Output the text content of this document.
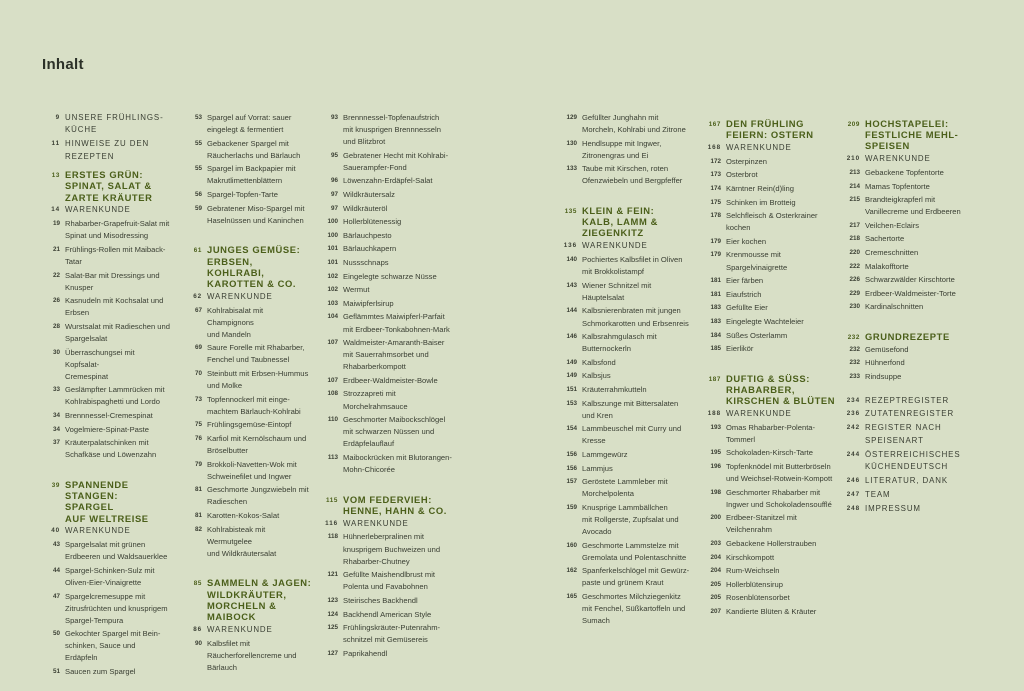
Inhalt
9 UNSERE FRÜHLINGS-
KÜCHE
11 HINWEISE ZU DEN
REZEPTEN
13 ERSTES GRÜN:
SPINAT, SALAT &
ZARTE KRÄUTER
14 WARENKUNDE
19 Rhabarber-Grapefruit-Salat mit
Spinat und Misodressing
21 Frühlings-Rollen mit Maiback-
Tatar
22 Salat-Bar mit Dressings und
Knusper
26 Kasnudeln mit Kochsalat und
Erbsen
28 Wurstsalat mit Radieschen und
Spargelsalat
30 Überraschungsei mit Kopfsalat-
Cremespinat
33 Geslämpfter Lammrücken mit
Kohlrabispaghetti und Lordo
34 Brennnessel-Cremespinat
34 Vogelmiere-Spinat-Paste
37 Kräuterpalatschinken mit
Schafkäse und Löwenzahn
39 SPANNENDE
STANGEN: SPARGEL
AUF WELTREISE
40 WARENKUNDE
43 Spargelsalat mit grünen
Erdbeeren und Waldsauerklee
44 Spargel-Schinken-Sulz mit
Oliven-Eier-Vinaigrette
47 Spargelcremesuppe mit
Zitrusfrüchten und knusprigem
Spargel-Tempura
50 Gekochter Spargel mit Bein-
schinken, Sauce und Erdäpfeln
51 Saucen zum Spargel
53 Spargel auf Vorrat: sauer
eingelegt & fermentiert
55 Gebackener Spargel mit
Räucherlachs und Bärlauch
55 Spargel im Backpapier mit
Makrutlimettenblättern
56 Spargel-Topfen-Tarte
59 Gebratener Miso-Spargel mit
Haselnüssen und Kaninchen
61 JUNGES GEMÜSE:
ERBSEN, KOHLRABI,
KAROTTEN & CO.
62 WARENKUNDE
67 Kohlrabisalat mit Champignons
und Mandeln
69 Saure Forelle mit Rhabarber,
Fenchel und Taubnessel
70 Steinbutt mit Erbsen-Hummus
und Molke
73 Topfennockerl mit einge-
machtem Bärlauch-Kohlrabi
75 Frühlingsgemüse-Eintopf
76 Karfiol mit Kernölschaum und
Bröselbutter
79 Brokkoli-Navetten-Wok mit
Schweinefilet und Ingwer
81 Geschmorte Jungzwiebeln mit
Radieschen
81 Karotten-Kokos-Salat
82 Kohlrabisteak mit Wermutgelee
und Wildkräutersalat
85 SAMMELN & JAGEN:
WILDKRÄUTER,
MORCHELN &
MAIBOCK
86 WARENKUNDE
90 Kalbsfilet mit
Räucherforellencreme und
Bärlauch
93 Brennnessel-Topfenaufstrich
mit knusprigen Brennnesseln
und Blitzbrot
95 Gebratener Hecht mit Kohlrabi-
Sauerampfer-Fond
96 Löwenzahn-Erdäpfel-Salat
97 Wildkräutersalz
97 Wildkräuteröl
100 Hollerblütenessig
100 Bärlauchpesto
101 Bärlauchkapern
101 Nussschnaps
102 Eingelegte schwarze Nüsse
102 Wermut
103 Maiwipferlsirup
104 Geflämmtes Maiwipferl-Parfait
mit Erdbeer-Tonkabohnen-Mark
107 Waldmeister-Amaranth-Baiser
mit Sauerrahmsorbet und
Rhabarberkompott
107 Erdbeer-Waldmeister-Bowle
108 Strozzapreti mit
Morchelrahmsauce
110 Geschmorter Maibockschlögel
mit schwarzen Nüssen und
Erdäpfelauflauf
113 Maibockrücken mit Blutorangen-
Mohn-Chicorée
115 VOM FEDERVIEH:
HENNE, HAHN & CO.
116 WARENKUNDE
118 Hühnerleberpralinen mit
knusprigem Buchweizen und
Rhabarber-Chutney
121 Gefüllte Maishendlbrust mit
Polenta und Favabohnen
123 Steirisches Backhendl
124 Backhendl American Style
125 Frühlingskräuter-Putenrahm-
schnitzel mit Gemüsereis
127 Paprikahendl
129 Gefüllter Junghahn mit
Morcheln, Kohlrabi und Zitrone
130 Hendlsuppe mit Ingwer,
Zitronengras und Ei
133 Taube mit Kirschen, roten
Ofenzwiebeln und Bergpfeffer
135 KLEIN & FEIN:
KALB, LAMM &
ZIEGENKITZ
136 WARENKUNDE
140 Pochiertes Kalbsfilet in Oliven
mit Brokkolistampf
143 Wiener Schnitzel mit
Häuptelsalat
144 Kalbsnierenbraten mit jungen
Schmorkarotten und Erbsenreis
146 Kalbsrahmgulasch mit
Butternockerln
149 Kalbsfond
149 Kalbsjus
151 Kräuterrahmkutteln
153 Kalbszunge mit Bittersalaten
und Kren
154 Lammbeuschel mit Curry und
Kresse
156 Lammgewürz
156 Lammjus
157 Geröstete Lammleber mit
Morchelpolenta
159 Knusprige Lammbällchen
mit Rollgerste, Zupfsalat und
Avocado
160 Geschmorte Lammstelze mit
Gremolata und Polentaschnitte
162 Spanferkelschlögel mit Gewürz-
paste und grünem Kraut
165 Geschmortes Milchziegenkitz
mit Fenchel, Süßkartoffeln und
Sumach
167 DEN FRÜHLING
FEIERN: OSTERN
168 WARENKUNDE
172 Osterpinzen
173 Osterbrot
174 Kärntner Rein(d)ling
175 Schinken im Brotteig
178 Selchfleisch & Osterkrainer
kochen
179 Eier kochen
179 Krenmousse mit
Spargelvinaigrette
181 Eier färben
181 Eiaufstrich
183 Gefüllte Eier
183 Eingelegte Wachteleier
184 Süßes Osterlamm
185 Eierlikör
187 DUFTIG & SÜSS:
RHABARBER,
KIRSCHEN & BLÜTEN
188 WARENKUNDE
193 Omas Rhabarber-Polenta-
Tommerl
195 Schokoladen-Kirsch-Tarte
196 Topfenknödel mit Butterbröseln
und Weichsel-Rotwein-Kompott
198 Geschmorter Rhabarber mit
Ingwer und Schokoladensoufflé
200 Erdbeer-Stanitzel mit
Veilchenrahm
203 Gebackene Hollerstrauben
204 Kirschkompott
204 Rum-Weichseln
205 Hollerblütensirup
205 Rosenblütensorbet
207 Kandierte Blüten & Kräuter
209 HOCHSTAPELEI:
FESTLICHE MEHL-
SPEISEN
210 WARENKUNDE
213 Gebackene Topfentorte
214 Mamas Topfentorte
215 Brandteigkrapferl mit
Vanillecreme und Erdbeeren
217 Veilchen-Eclairs
218 Sachertorte
220 Cremeschnitten
222 Malakofftorte
226 Schwarzwälder Kirschtorte
229 Erdbeer-Waldmeister-Torte
230 Kardinalschnitten
232 GRUNDREZEPTE
232 Gemüsefond
232 Hühnerfond
233 Rindsuppe
234 REZEPTREGISTER
236 ZUTATENREGISTER
242 REGISTER NACH
SPEISENART
244 ÖSTERREICHISCHES
KÜCHENDEUTSCH
246 LITERATUR, DANK
247 TEAM
248 IMPRESSUM
